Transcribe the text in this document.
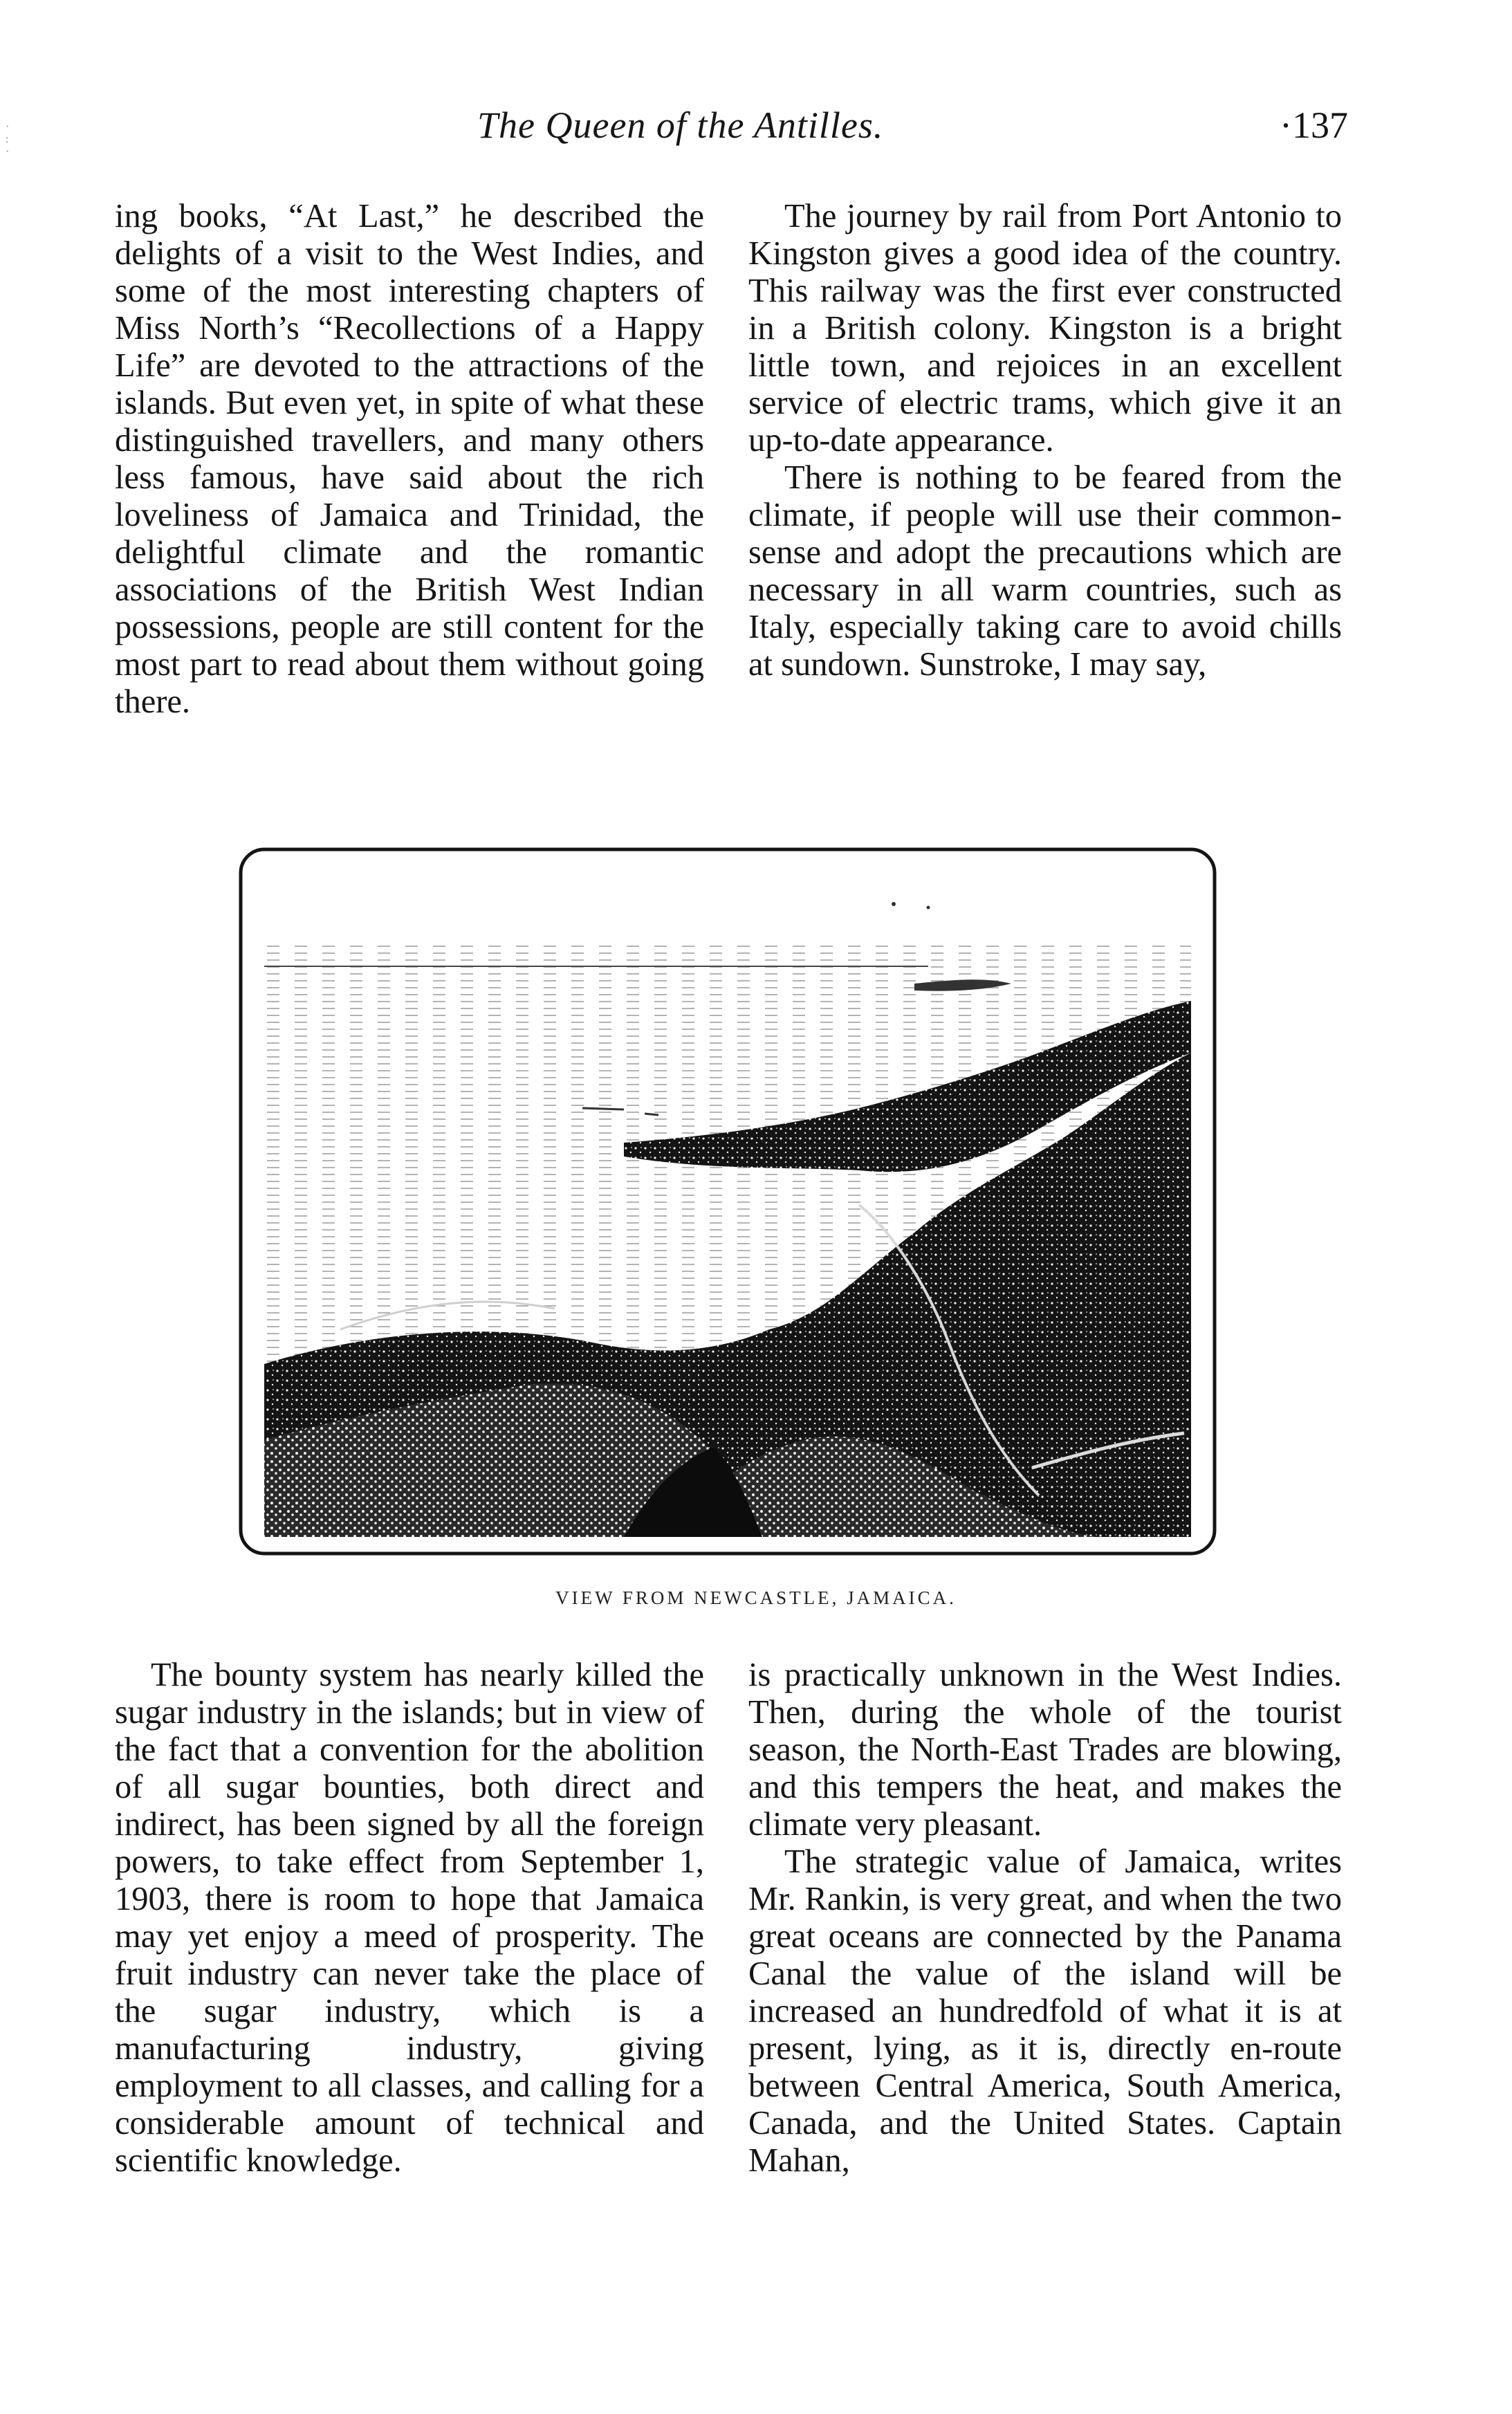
·
:
·
The Queen of the Antilles.	·137

ing books, “At Last,” he described the delights of a visit to the West Indies, and some of the most interesting chapters of Miss North’s “Recollections of a Happy Life” are devoted to the attractions of the islands. But even yet, in spite of what these distinguished travellers, and many others less famous, have said about the rich loveliness of Jamaica and Trinidad, the delightful climate and the romantic associations of the British West Indian possessions, people are still content for the most part to read about them without going there.

The journey by rail from Port Antonio to Kingston gives a good idea of the country. This railway was the first ever constructed in a British colony. Kingston is a bright little town, and rejoices in an excellent service of electric trams, which give it an up-to-date appearance.

There is nothing to be feared from the climate, if people will use their common-sense and adopt the precautions which are necessary in all warm countries, such as Italy, especially taking care to avoid chills at sundown. Sunstroke, I may say,

VIEW FROM NEWCASTLE, JAMAICA.

The bounty system has nearly killed the sugar industry in the islands; but in view of the fact that a convention for the abolition of all sugar bounties, both direct and indirect, has been signed by all the foreign powers, to take effect from September 1, 1903, there is room to hope that Jamaica may yet enjoy a meed of prosperity. The fruit industry can never take the place of the sugar industry, which is a manufacturing industry, giving employment to all classes, and calling for a considerable amount of technical and scientific knowledge.

is practically unknown in the West Indies. Then, during the whole of the tourist season, the North-East Trades are blowing, and this tempers the heat, and makes the climate very pleasant.

The strategic value of Jamaica, writes Mr. Rankin, is very great, and when the two great oceans are connected by the Panama Canal the value of the island will be increased an hundredfold of what it is at present, lying, as it is, directly en-route between Central America, South America, Canada, and the United States. Captain Mahan,
